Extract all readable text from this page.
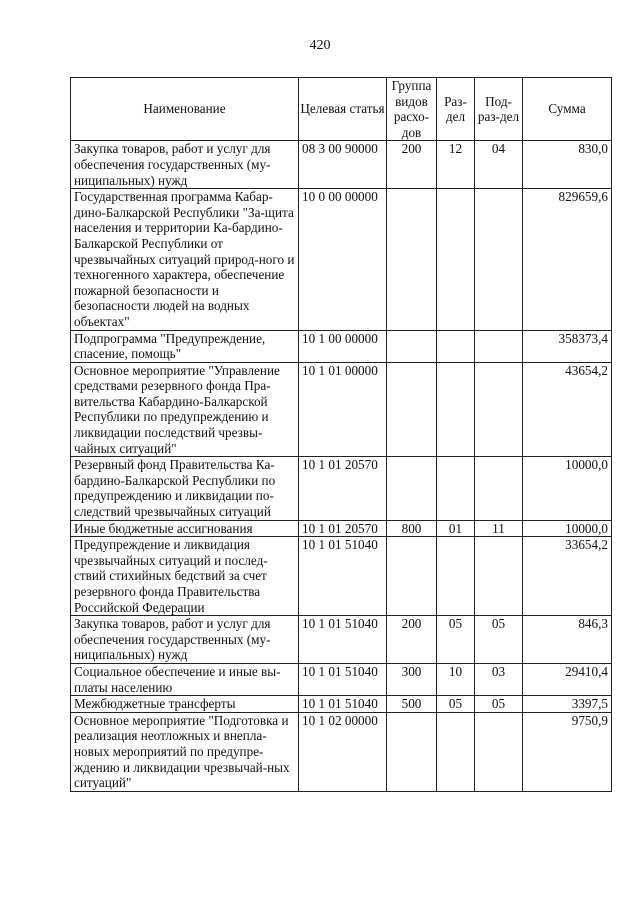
420
Наименование	Целевая статья	Группа видов расхо-дов	Раз-дел	Под-раз-дел	Сумма
Закупка товаров, работ и услуг для обеспечения государственных (му-ниципальных) нужд	08 3 00 90000	200	12	04	830,0
Государственная программа Кабар-дино-Балкарской Республики "За-щита населения и территории Ка-бардино-Балкарской Республики от чрезвычайных ситуаций природ-ного и техногенного характера, обеспечение пожарной безопасности и безопасности людей на водных объектах"	10 0 00 00000				829659,6
Подпрограмма "Предупреждение, спасение, помощь"	10 1 00 00000				358373,4
Основное мероприятие "Управление средствами резервного фонда Пра-вительства Кабардино-Балкарской Республики по предупреждению и ликвидации последствий чрезвы-чайных ситуаций"	10 1 01 00000				43654,2
Резервный фонд Правительства Ка-бардино-Балкарской Республики по предупреждению и ликвидации по-следствий чрезвычайных ситуаций	10 1 01 20570				10000,0
Иные бюджетные ассигнования	10 1 01 20570	800	01	11	10000,0
Предупреждение и ликвидация чрезвычайных ситуаций и послед-ствий стихийных бедствий за счет резервного фонда Правительства Российской Федерации	10 1 01 51040				33654,2
Закупка товаров, работ и услуг для обеспечения государственных (му-ниципальных) нужд	10 1 01 51040	200	05	05	846,3
Социальное обеспечение и иные вы-платы населению	10 1 01 51040	300	10	03	29410,4
Межбюджетные трансферты	10 1 01 51040	500	05	05	3397,5
Основное мероприятие "Подготовка и реализация неотложных и внепла-новых мероприятий по предупре-ждению и ликвидации чрезвычай-ных ситуаций"	10 1 02 00000				9750,9
